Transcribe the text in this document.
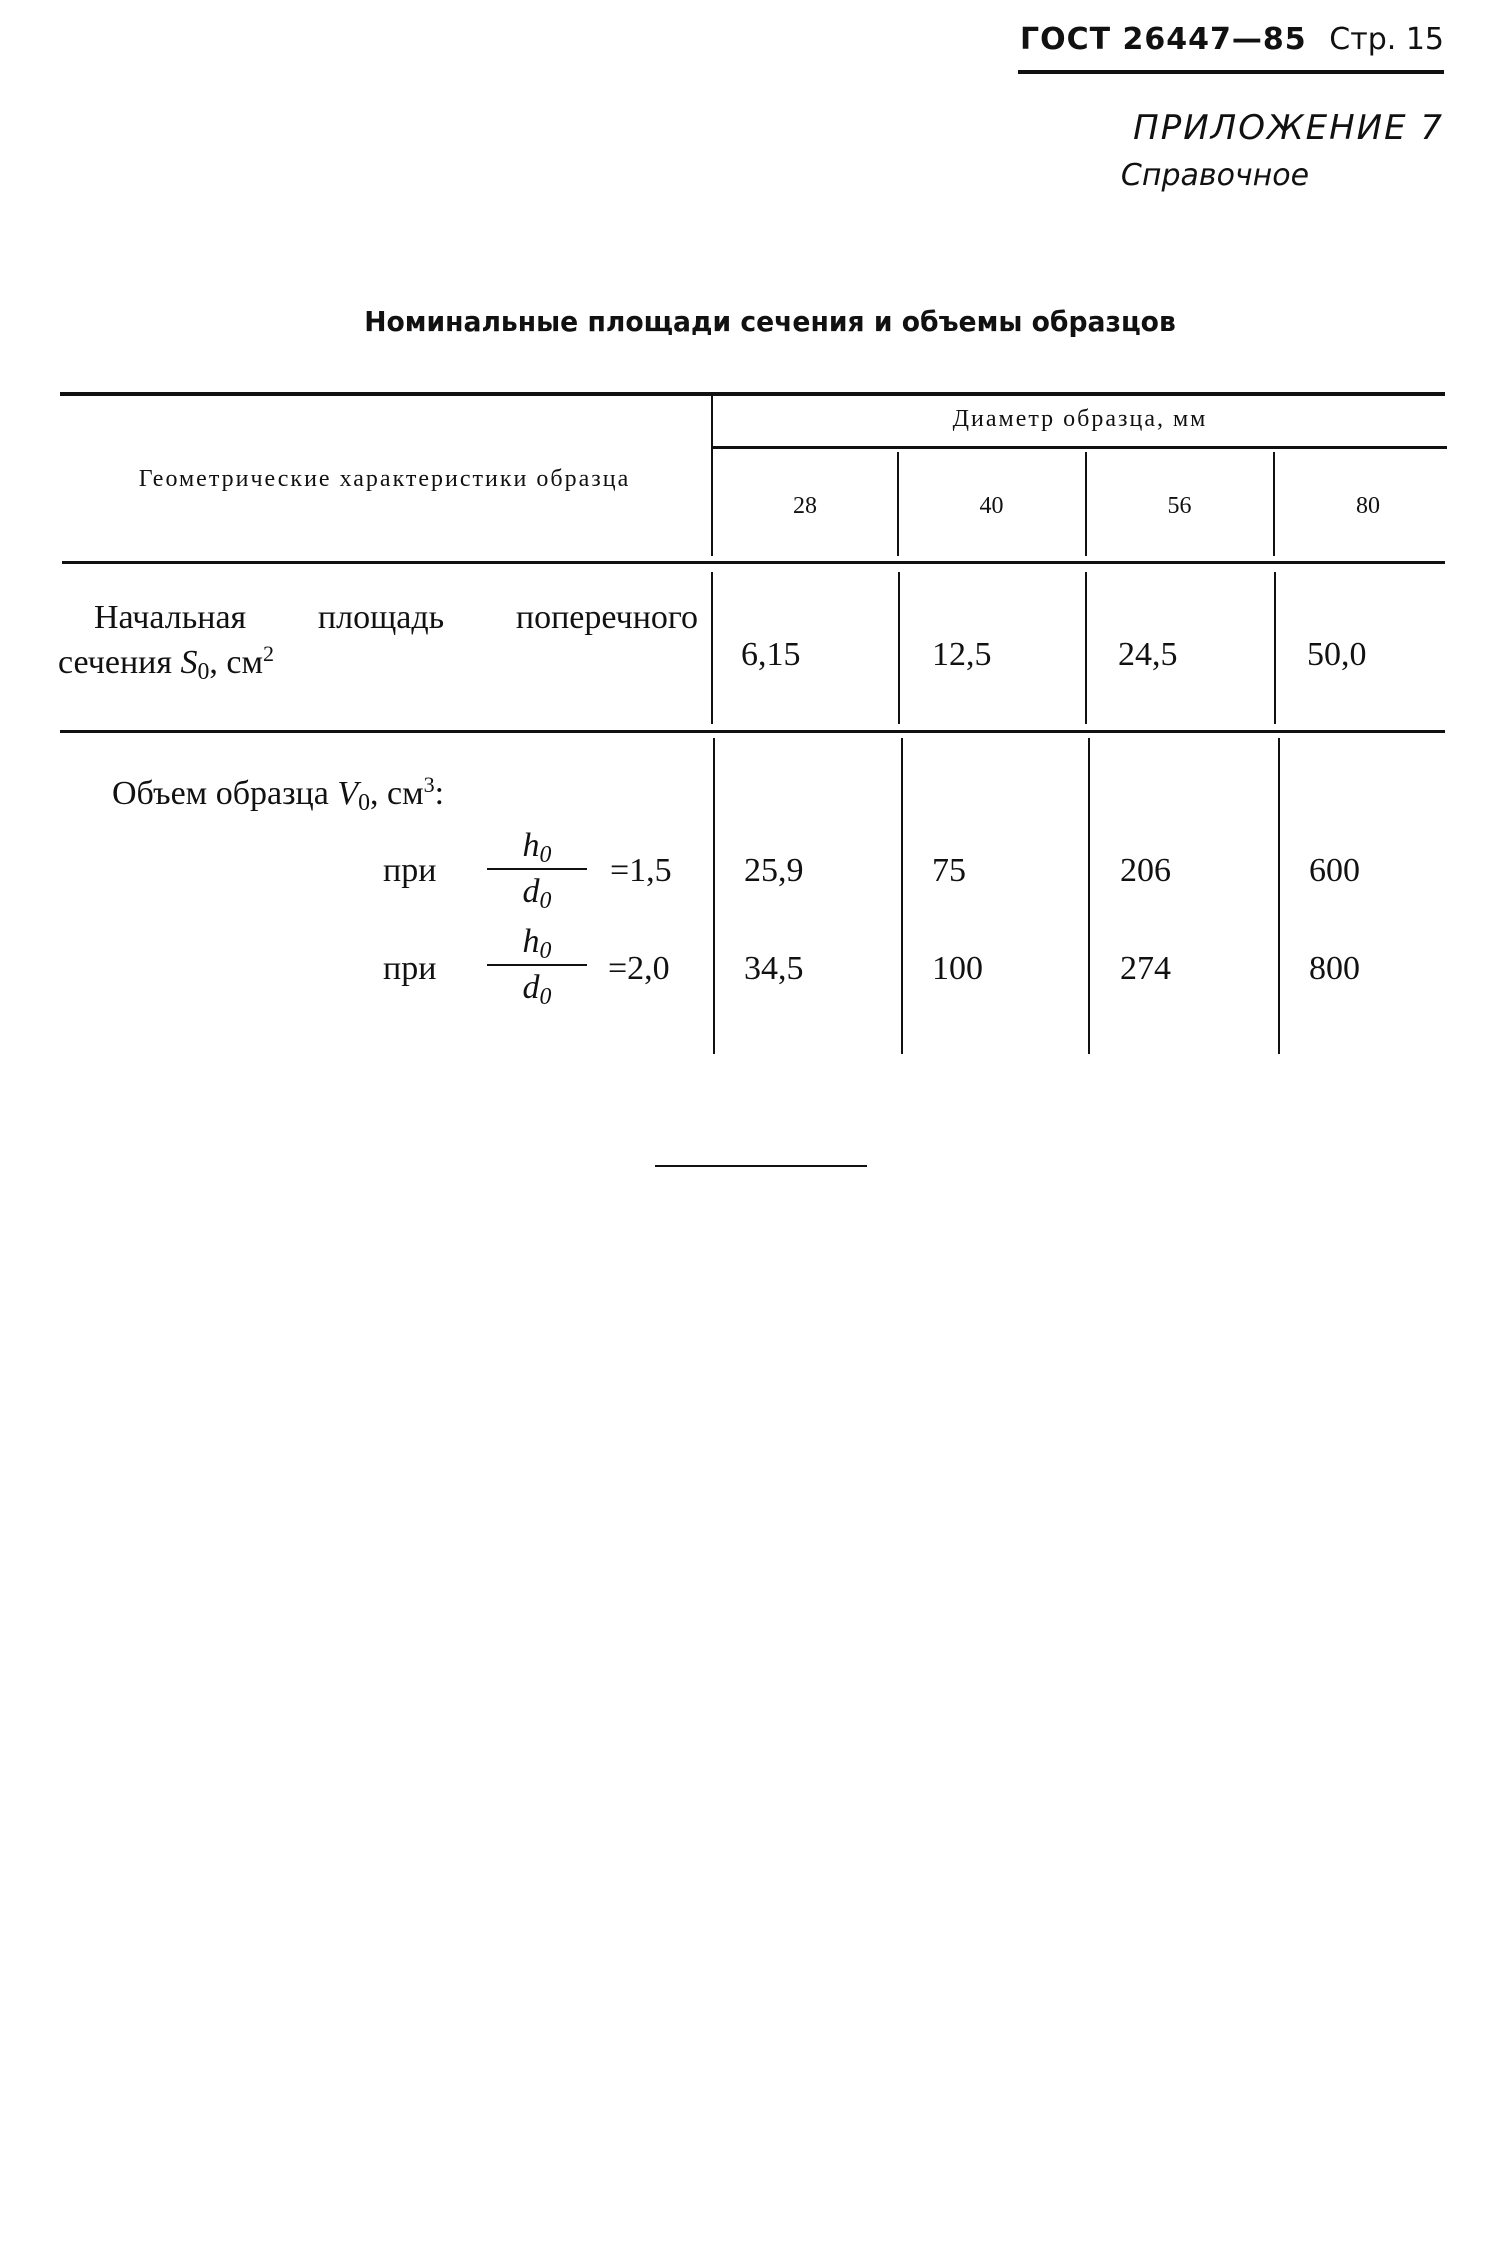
ГОСТ 26447—85 Стр. 15
ПРИЛОЖЕНИЕ 7
Справочное
Номинальные площади сечения и объемы образцов
Геометрические характеристики образца
Диаметр образца, мм
28	40	56	80
Начальная площадь поперечного
сечения $S_0$, $см^2$	6,15	12,5	24,5	50,0
Объем образца $V_0$, $см^3$:
при
$h_0$
$d_0$
=1,5 25,9	75	206	600
при
$h_0$
$d_0$
=2,0 34,5	100	274	800
